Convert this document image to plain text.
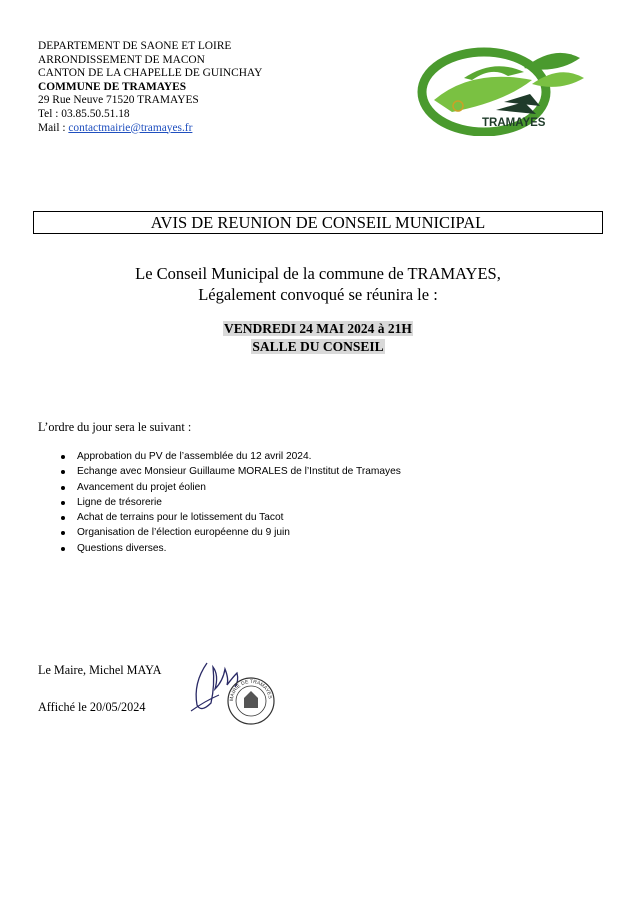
DEPARTEMENT DE SAONE ET LOIRE
ARRONDISSEMENT DE MACON
CANTON DE LA CHAPELLE DE GUINCHAY
COMMUNE DE TRAMAYES
29 Rue Neuve 71520 TRAMAYES
Tel : 03.85.50.51.18
Mail : contactmairie@tramayes.fr	TRAMAYES
AVIS DE REUNION DE CONSEIL MUNICIPAL
Le Conseil Municipal de la commune de TRAMAYES,
Légalement convoqué se réunira le :
VENDREDI 24 MAI 2024 à 21H
SALLE DU CONSEIL
L’ordre du jour sera le suivant :
Approbation du PV de l’assemblée du 12 avril 2024.
Echange avec Monsieur Guillaume MORALES de l’Institut de Tramayes
Avancement du projet éolien
Ligne de trésorerie
Achat de terrains pour le lotissement du Tacot
Organisation de l’élection européenne du 9 juin
Questions diverses.
Le Maire, Michel MAYA
Affiché le 20/05/2024
MAIRIE DE TRAMAYES
